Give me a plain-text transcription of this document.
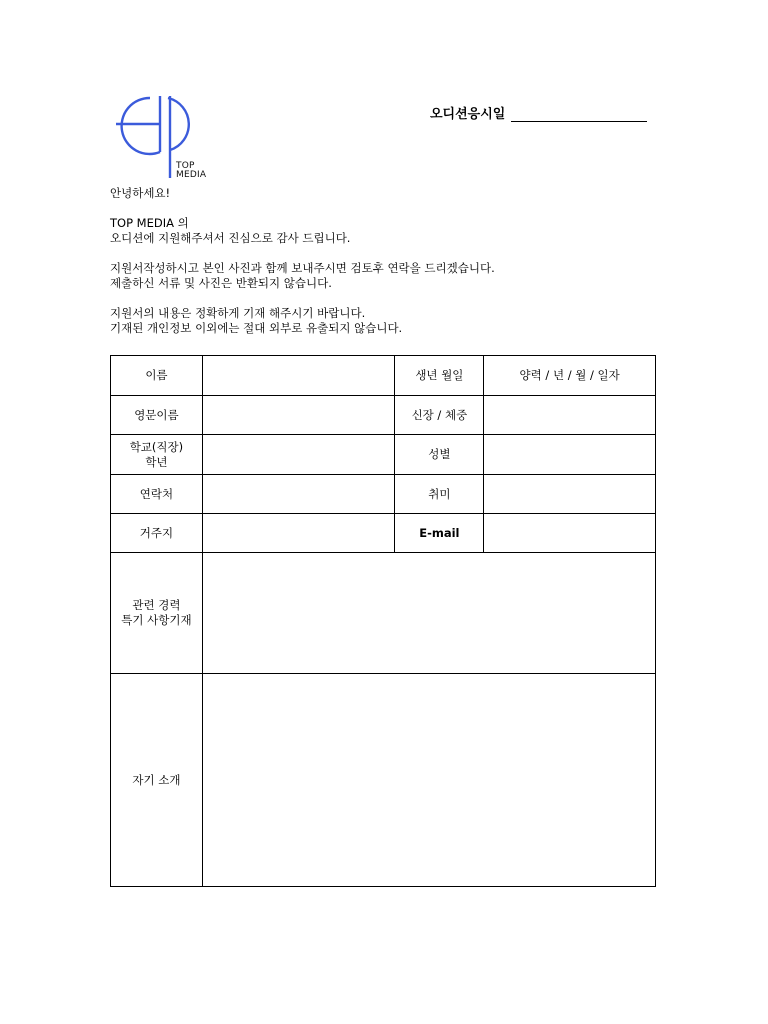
TOP
MEDIA
오디션응시일

안녕하세요!

TOP MEDIA 의

오디션에 지원해주셔서 진심으로 감사 드립니다.

지원서작성하시고 본인 사진과 함께 보내주시면 검토후 연락을 드리겠습니다.

제출하신 서류 및 사진은 반환되지 않습니다.

지원서의 내용은 정확하게 기재 해주시기 바랍니다.

기재된 개인정보 이외에는 절대 외부로 유출되지 않습니다.

이름		생년 월일	양력 / 년 / 월 / 일자
영문이름		신장 / 체중	

학교(직장)
학년		성별	
연락처		취미	
거주지		E-mail	

관련 경력
특기 사항기재			

자기 소개			
